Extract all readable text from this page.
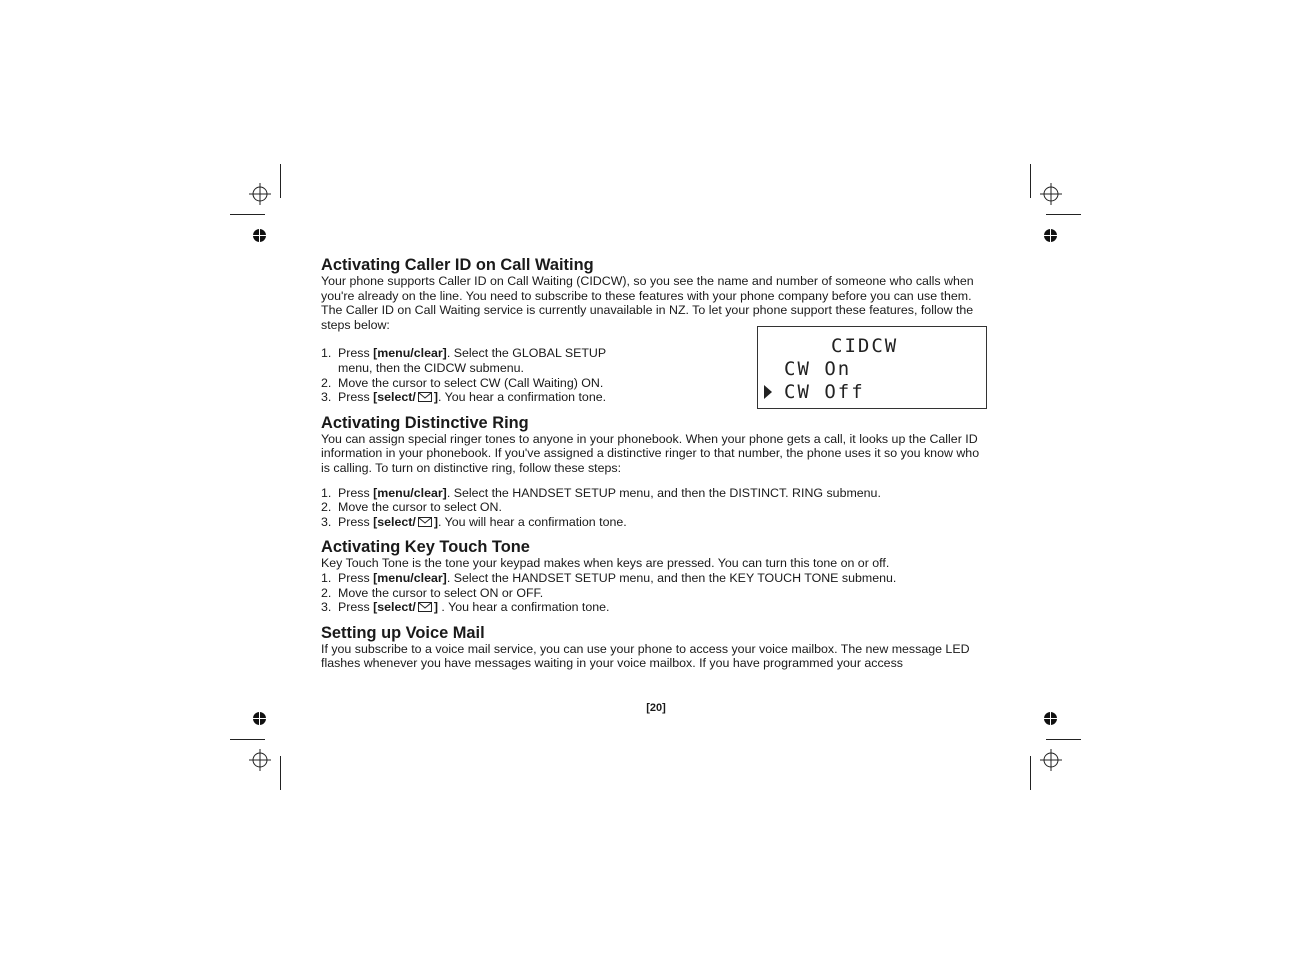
Activating Caller ID on Call Waiting

Your phone supports Caller ID on Call Waiting (CIDCW), so you see the name and number of someone who calls when you're already on the line. You need to subscribe to these features with your phone company before you can use them. The Caller ID on Call Waiting service is currently unavailable in NZ. To let your phone support these features, follow the steps below:

1. Press [menu/clear]. Select the GLOBAL SETUP menu, then the CIDCW submenu.
2. Move the cursor to select CW (Call Waiting) ON.
3. Press [select/ ]. You hear a confirmation tone.
Activating Distinctive Ring

You can assign special ringer tones to anyone in your phonebook. When your phone gets a call, it looks up the Caller ID information in your phonebook. If you've assigned a distinctive ringer to that number, the phone uses it so you know who is calling. To turn on distinctive ring, follow these steps:

1. Press [menu/clear]. Select the HANDSET SETUP menu, and then the DISTINCT. RING submenu.
2. Move the cursor to select ON.
3. Press [select/ ]. You will hear a confirmation tone.
Activating Key Touch Tone

Key Touch Tone is the tone your keypad makes when keys are pressed. You can turn this tone on or off.

1. Press [menu/clear]. Select the HANDSET SETUP menu, and then the KEY TOUCH TONE submenu.
2. Move the cursor to select ON or OFF.
3. Press [select/ ] . You hear a confirmation tone.
Setting up Voice Mail

If you subscribe to a voice mail service, you can use your phone to access your voice mailbox. The new message LED flashes whenever you have messages waiting in your voice mailbox. If you have programmed your access

CIDCW
CW On
CW Off
[20]
